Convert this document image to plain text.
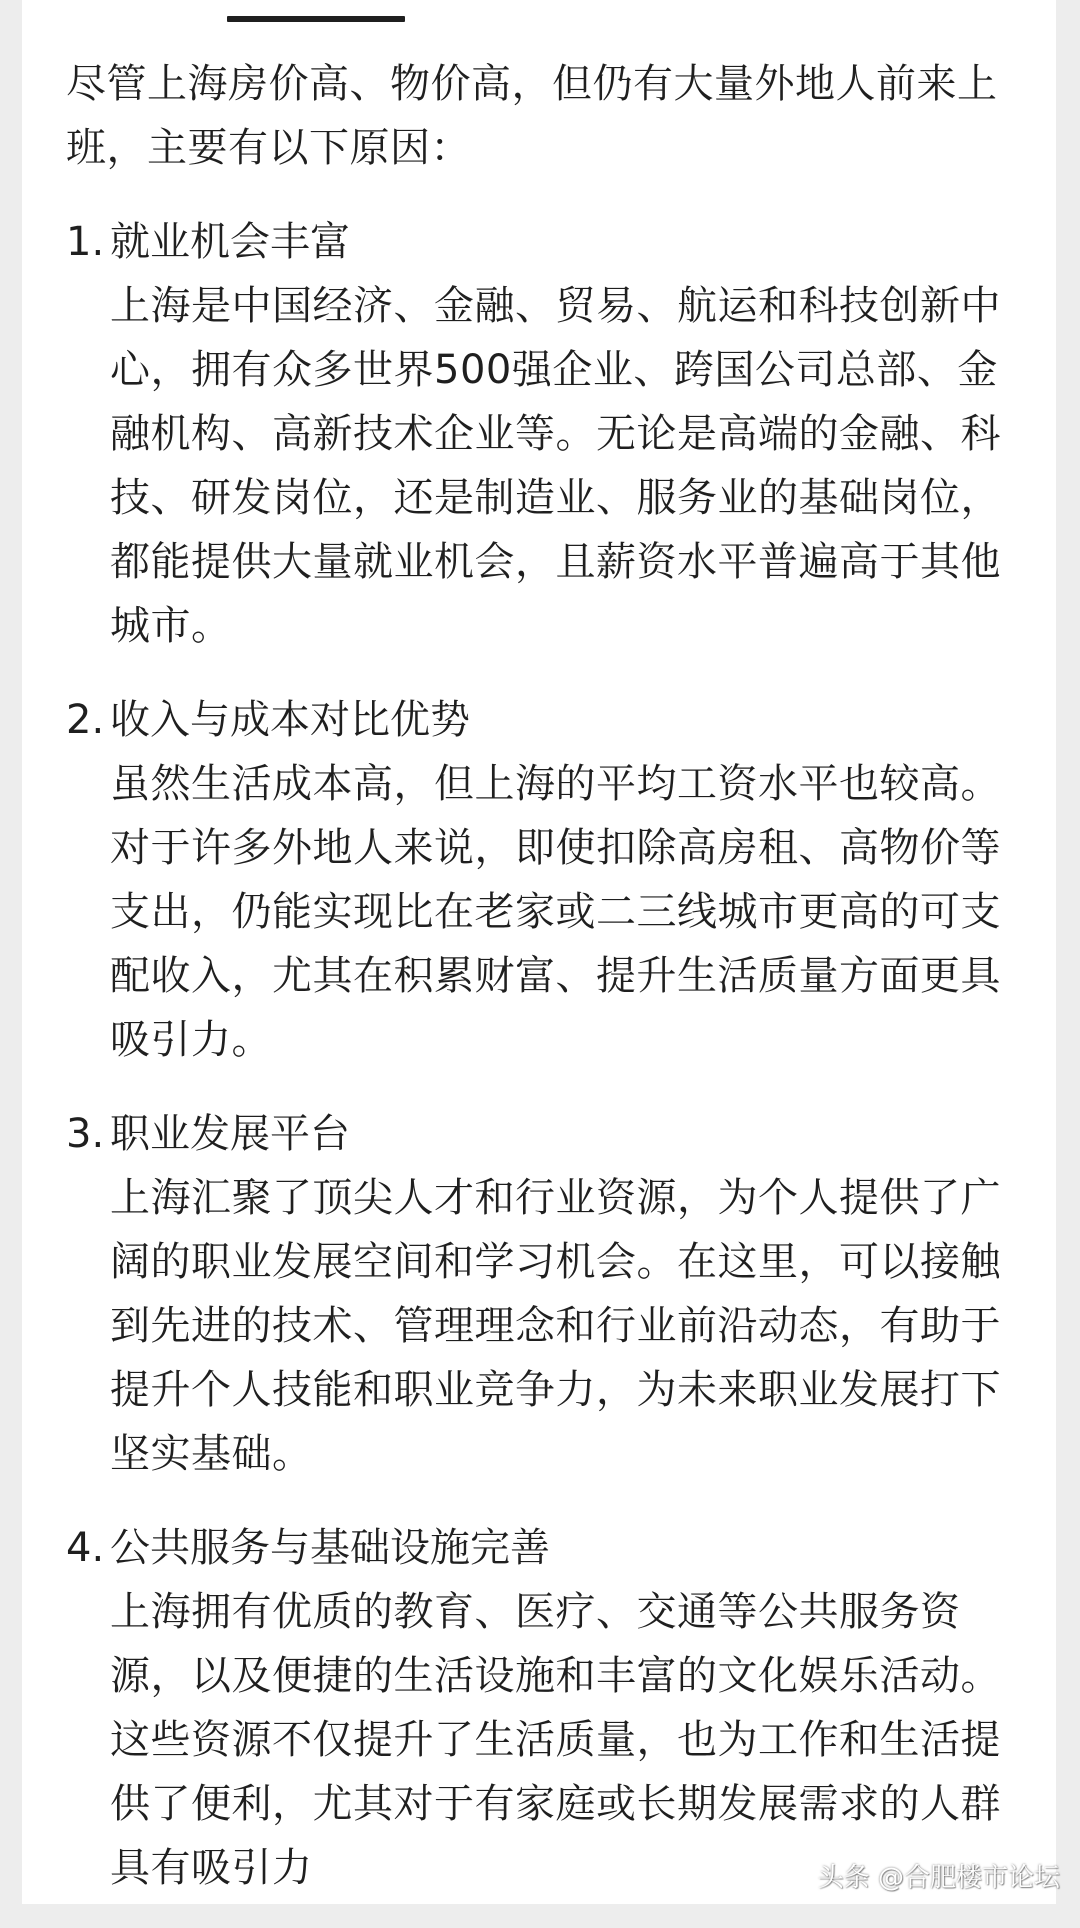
尽管上海房价高、物价高，但仍有大量外地人前来上班，主要有以下原因：

1. 就业机会丰富
上海是中国经济、金融、贸易、航运和科技创新中心，拥有众多世界500强企业、跨国公司总部、金融机构、高新技术企业等。无论是高端的金融、科技、研发岗位，还是制造业、服务业的基础岗位，都能提供大量就业机会，且薪资水平普遍高于其他城市。
2. 收入与成本对比优势
虽然生活成本高，但上海的平均工资水平也较高。对于许多外地人来说，即使扣除高房租、高物价等支出，仍能实现比在老家或二三线城市更高的可支配收入，尤其在积累财富、提升生活质量方面更具吸引力。
3. 职业发展平台
上海汇聚了顶尖人才和行业资源，为个人提供了广阔的职业发展空间和学习机会。在这里，可以接触到先进的技术、管理理念和行业前沿动态，有助于提升个人技能和职业竞争力，为未来职业发展打下坚实基础。
4. 公共服务与基础设施完善
上海拥有优质的教育、医疗、交通等公共服务资源，以及便捷的生活设施和丰富的文化娱乐活动。这些资源不仅提升了生活质量，也为工作和生活提供了便利，尤其对于有家庭或长期发展需求的人群具有吸引力	头条 @合肥楼市论坛
